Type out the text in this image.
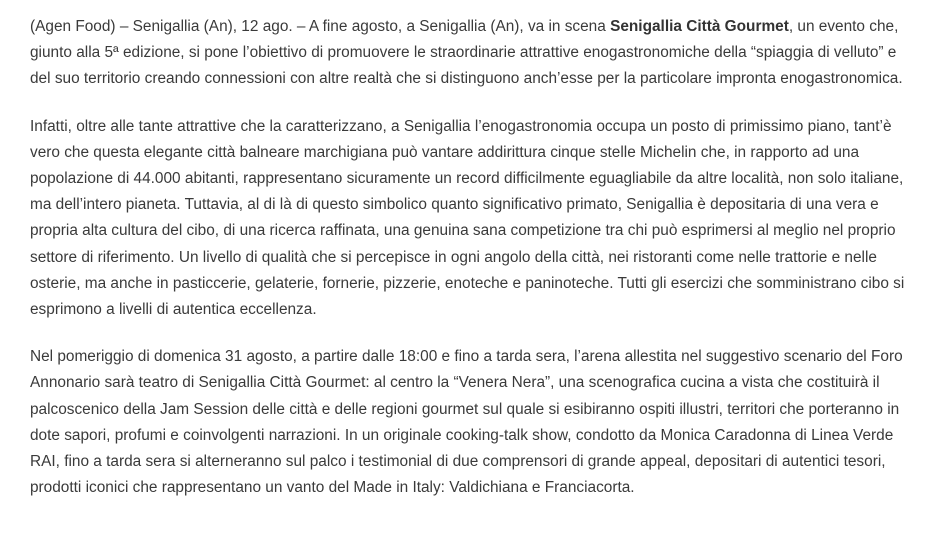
(Agen Food) – Senigallia (An), 12 ago. – A fine agosto, a Senigallia (An), va in scena Senigallia Città Gourmet, un evento che, giunto alla 5ª edizione, si pone l’obiettivo di promuovere le straordinarie attrattive enogastronomiche della “spiaggia di velluto” e del suo territorio creando connessioni con altre realtà che si distinguono anch’esse per la particolare impronta enogastronomica.

Infatti, oltre alle tante attrattive che la caratterizzano, a Senigallia l’enogastronomia occupa un posto di primissimo piano, tant’è vero che questa elegante città balneare marchigiana può vantare addirittura cinque stelle Michelin che, in rapporto ad una popolazione di 44.000 abitanti, rappresentano sicuramente un record difficilmente eguagliabile da altre località, non solo italiane, ma dell’intero pianeta. Tuttavia, al di là di questo simbolico quanto significativo primato, Senigallia è depositaria di una vera e propria alta cultura del cibo, di una ricerca raffinata, una genuina sana competizione tra chi può esprimersi al meglio nel proprio settore di riferimento. Un livello di qualità che si percepisce in ogni angolo della città, nei ristoranti come nelle trattorie e nelle osterie, ma anche in pasticcerie, gelaterie, fornerie, pizzerie, enoteche e paninoteche. Tutti gli esercizi che somministrano cibo si esprimono a livelli di autentica eccellenza.

Nel pomeriggio di domenica 31 agosto, a partire dalle 18:00 e fino a tarda sera, l’arena allestita nel suggestivo scenario del Foro Annonario sarà teatro di Senigallia Città Gourmet: al centro la “Venera Nera”, una scenografica cucina a vista che costituirà il palcoscenico della Jam Session delle città e delle regioni gourmet sul quale si esibiranno ospiti illustri, territori che porteranno in dote sapori, profumi e coinvolgenti narrazioni. In un originale cooking-talk show, condotto da Monica Caradonna di Linea Verde RAI, fino a tarda sera si alterneranno sul palco i testimonial di due comprensori di grande appeal, depositari di autentici tesori, prodotti iconici che rappresentano un vanto del Made in Italy: Valdichiana e Franciacorta.
